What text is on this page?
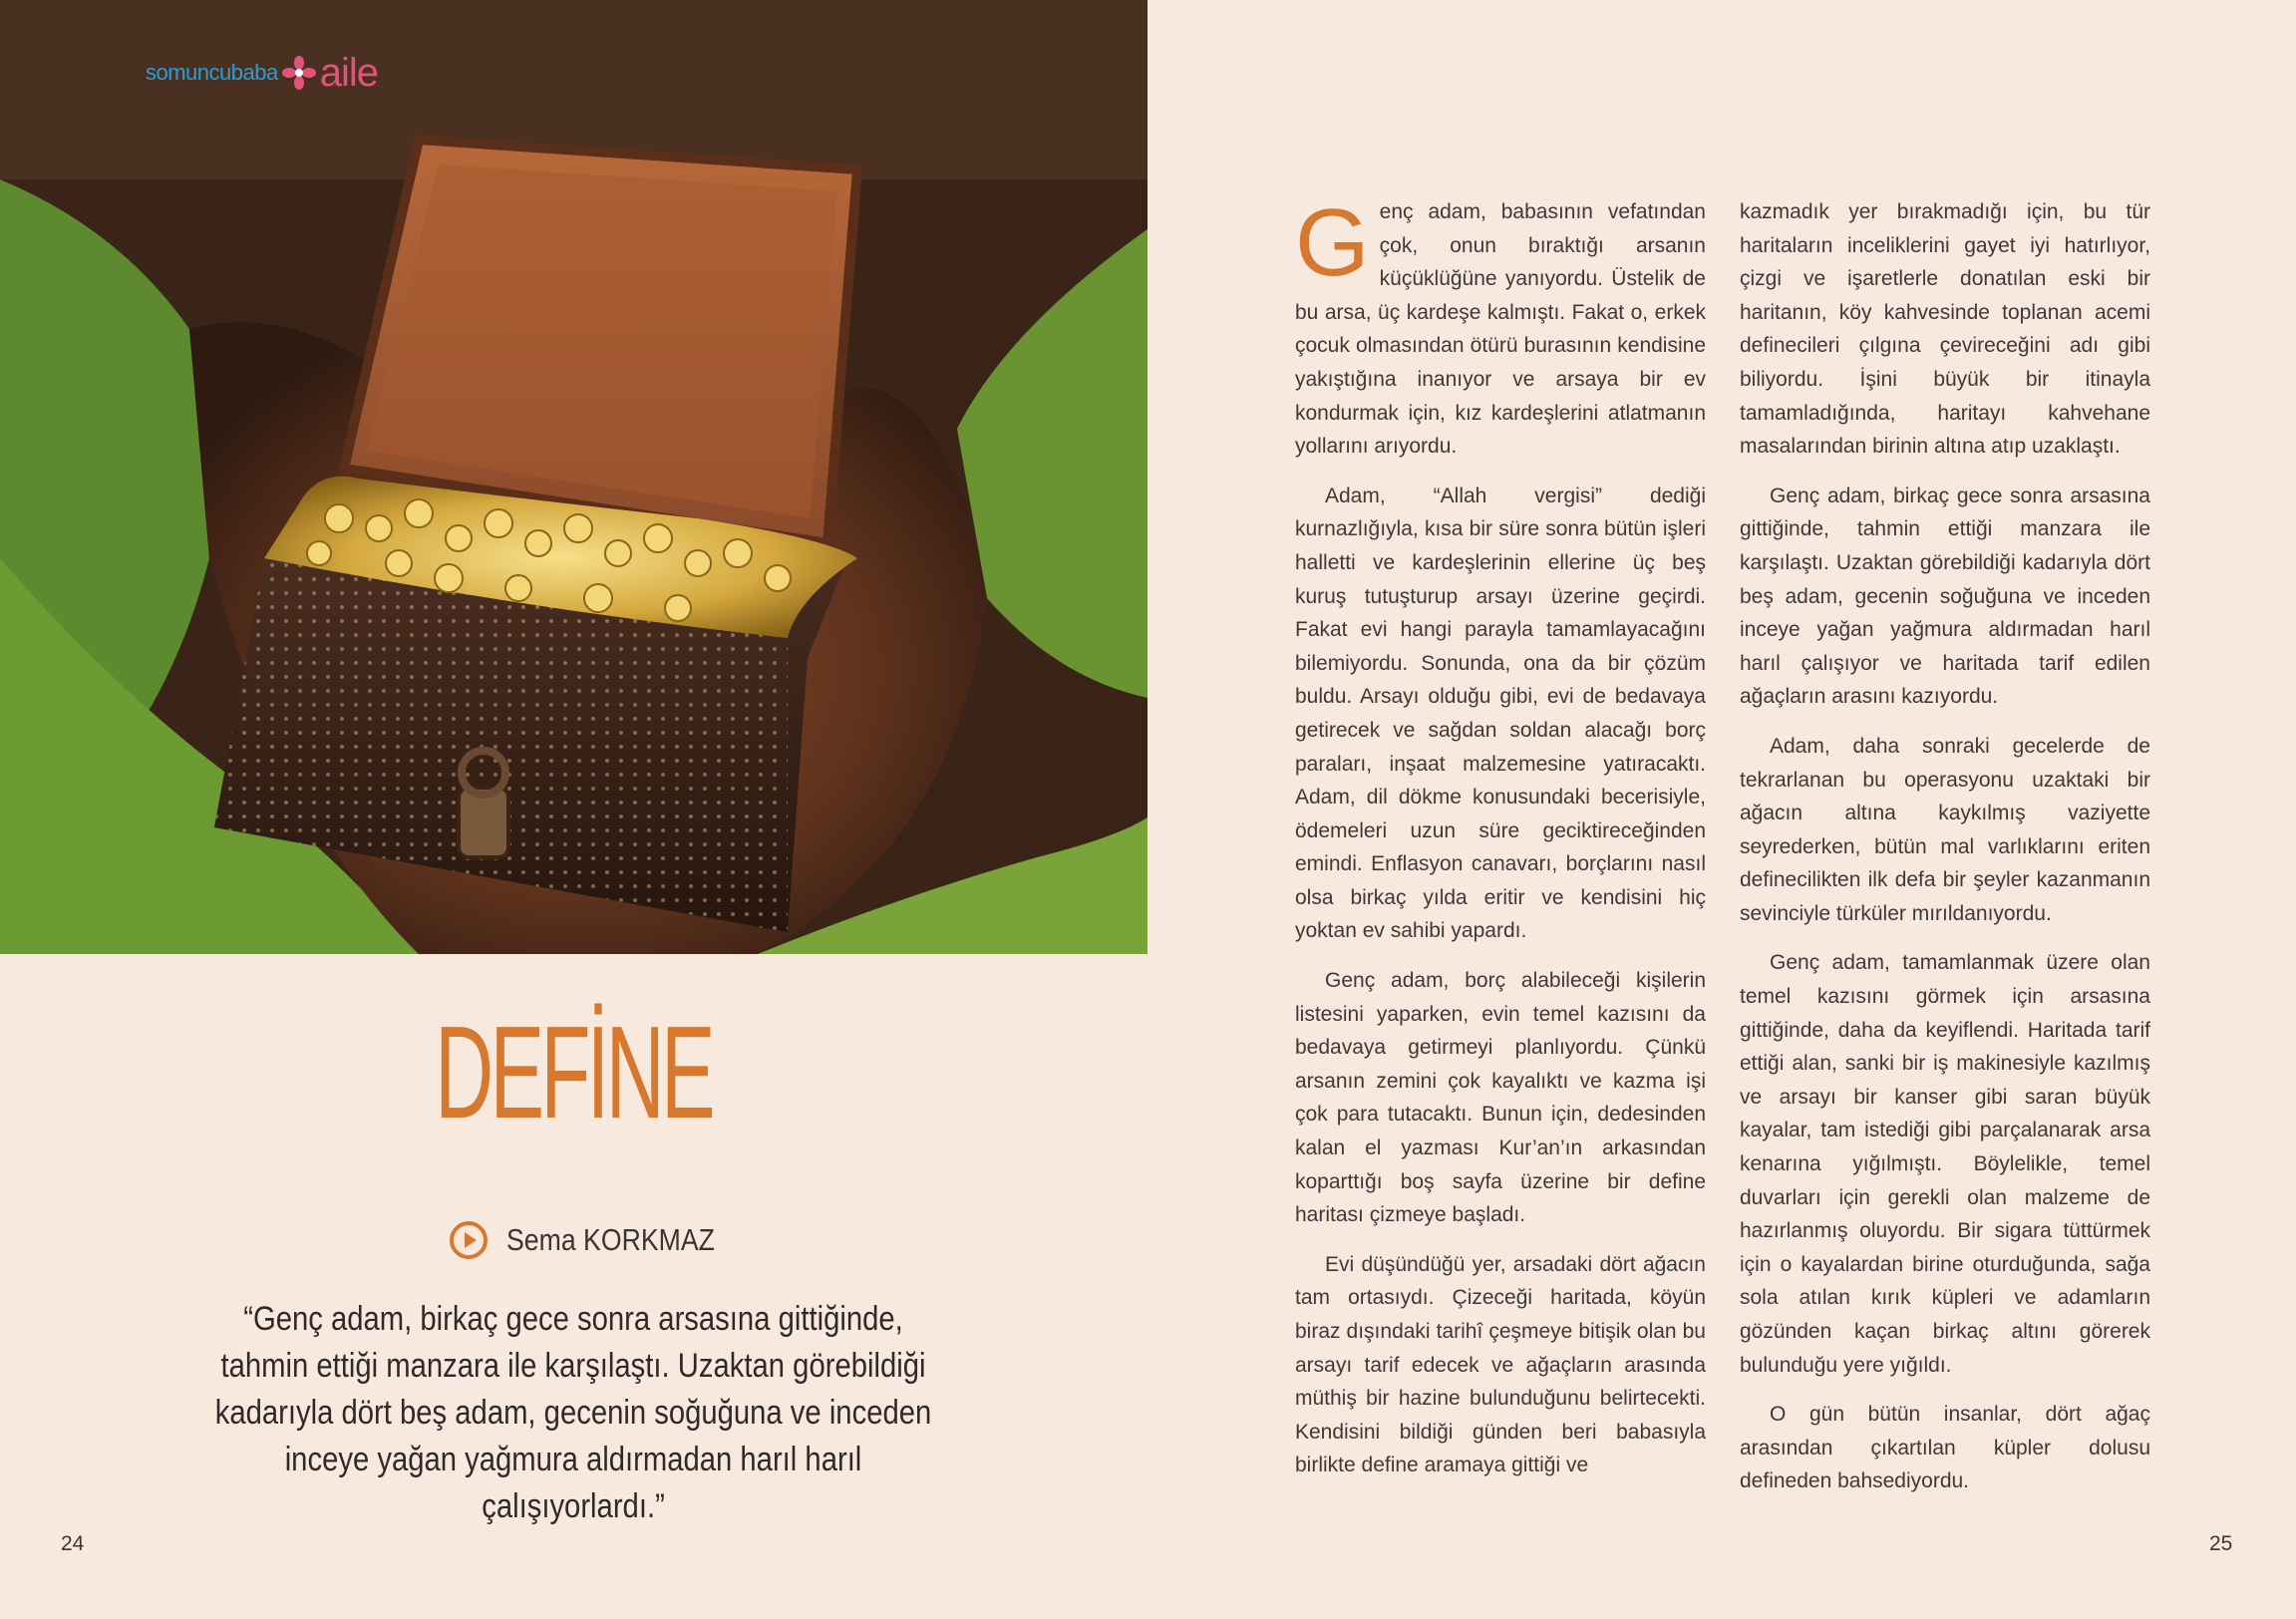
somuncubaba aile
DEFİNE
Sema KORKMAZ
“Genç adam, birkaç gece sonra arsasına gittiğinde, tahmin ettiği manzara ile karşılaştı. Uzaktan görebildiği kadarıyla dört beş adam, gecenin soğuğuna ve inceden inceye yağan yağmura aldırmadan harıl harıl çalışıyorlardı.”

Genç adam, babasının vefatından çok, onun bıraktığı arsanın küçüklüğüne yanıyordu. Üstelik de bu arsa, üç kardeşe kalmıştı. Fakat o, erkek çocuk olmasından ötürü burasının kendisine yakıştığına inanıyor ve arsaya bir ev kondurmak için, kız kardeşlerini atlatmanın yollarını arıyordu.

Adam, “Allah vergisi” dediği kurnazlığıyla, kısa bir süre sonra bütün işleri halletti ve kardeşlerinin ellerine üç beş kuruş tutuşturup arsayı üzerine geçirdi. Fakat evi hangi parayla tamamlayacağını bilemiyordu. Sonunda, ona da bir çözüm buldu. Arsayı olduğu gibi, evi de bedavaya getirecek ve sağdan soldan alacağı borç paraları, inşaat malzemesine yatıracaktı. Adam, dil dökme konusundaki becerisiyle, ödemeleri uzun süre geciktireceğinden emindi. Enflasyon canavarı, borçlarını nasıl olsa birkaç yılda eritir ve kendisini hiç yoktan ev sahibi yapardı.

Genç adam, borç alabileceği kişilerin listesini yaparken, evin temel kazısını da bedavaya getirmeyi planlıyordu. Çünkü arsanın zemini çok kayalıktı ve kazma işi çok para tutacaktı. Bunun için, dedesinden kalan el yazması Kur’an’ın arkasından koparttığı boş sayfa üzerine bir define haritası çizmeye başladı.

Evi düşündüğü yer, arsadaki dört ağacın tam ortasıydı. Çizeceği haritada, köyün biraz dışındaki tarihî çeşmeye bitişik olan bu arsayı tarif edecek ve ağaçların arasında müthiş bir hazine bulunduğunu belirtecekti. Kendisini bildiği günden beri babasıyla birlikte define aramaya gittiği ve

kazmadık yer bırakmadığı için, bu tür haritaların inceliklerini gayet iyi hatırlıyor, çizgi ve işaretlerle donatılan eski bir haritanın, köy kahvesinde toplanan acemi definecileri çılgına çevireceğini adı gibi biliyordu. İşini büyük bir itinayla tamamladığında, haritayı kahvehane masalarından birinin altına atıp uzaklaştı.

Genç adam, birkaç gece sonra arsasına gittiğinde, tahmin ettiği manzara ile karşılaştı. Uzaktan görebildiği kadarıyla dört beş adam, gecenin soğuğuna ve inceden inceye yağan yağmura aldırmadan harıl harıl çalışıyor ve haritada tarif edilen ağaçların arasını kazıyordu.

Adam, daha sonraki gecelerde de tekrarlanan bu operasyonu uzaktaki bir ağacın altına kaykılmış vaziyette seyrederken, bütün mal varlıklarını eriten definecilikten ilk defa bir şeyler kazanmanın sevinciyle türküler mırıldanıyordu.

Genç adam, tamamlanmak üzere olan temel kazısını görmek için arsasına gittiğinde, daha da keyiflendi. Haritada tarif ettiği alan, sanki bir iş makinesiyle kazılmış ve arsayı bir kanser gibi saran büyük kayalar, tam istediği gibi parçalanarak arsa kenarına yığılmıştı. Böylelikle, temel duvarları için gerekli olan malzeme de hazırlanmış oluyordu. Bir sigara tüttürmek için o kayalardan birine oturduğunda, sağa sola atılan kırık küpleri ve adamların gözünden kaçan birkaç altını görerek bulunduğu yere yığıldı.

O gün bütün insanlar, dört ağaç arasından çıkartılan küpler dolusu defineden bahsediyordu.

24	25
